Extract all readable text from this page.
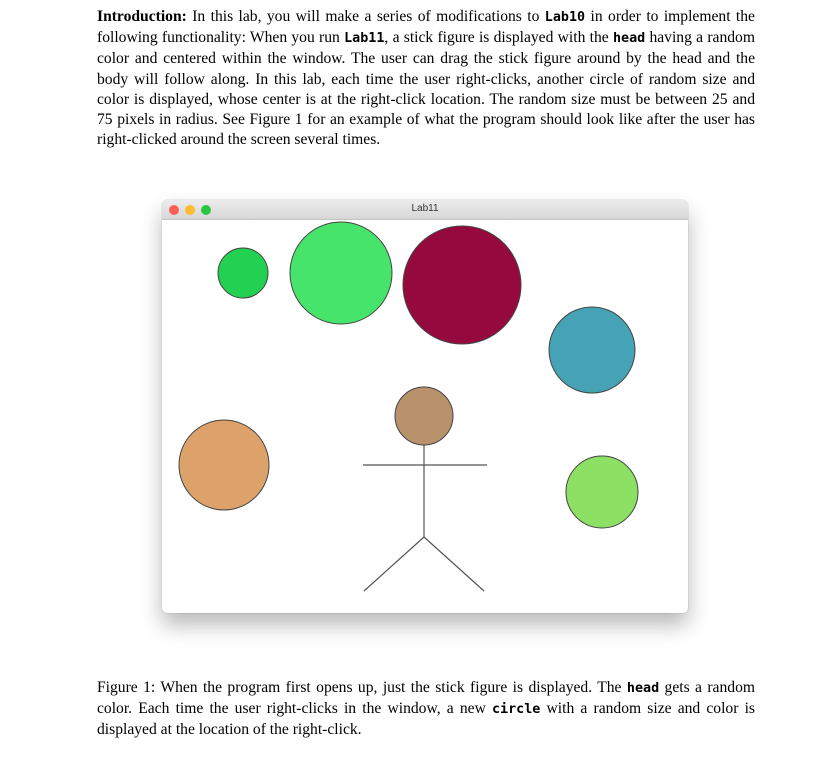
Introduction: In this lab, you will make a series of modifications to Lab10 in order to implement the following functionality: When you run Lab11, a stick figure is displayed with the head having a random color and centered within the window. The user can drag the stick figure around by the head and the body will follow along. In this lab, each time the user right-clicks, another circle of random size and color is displayed, whose center is at the right-click location. The random size must be between 25 and 75 pixels in radius. See Figure 1 for an example of what the program should look like after the user has right-clicked around the screen several times.
Lab11
Figure 1: When the program first opens up, just the stick figure is displayed. The head gets a random color. Each time the user right-clicks in the window, a new circle with a random size and color is displayed at the location of the right-click.
